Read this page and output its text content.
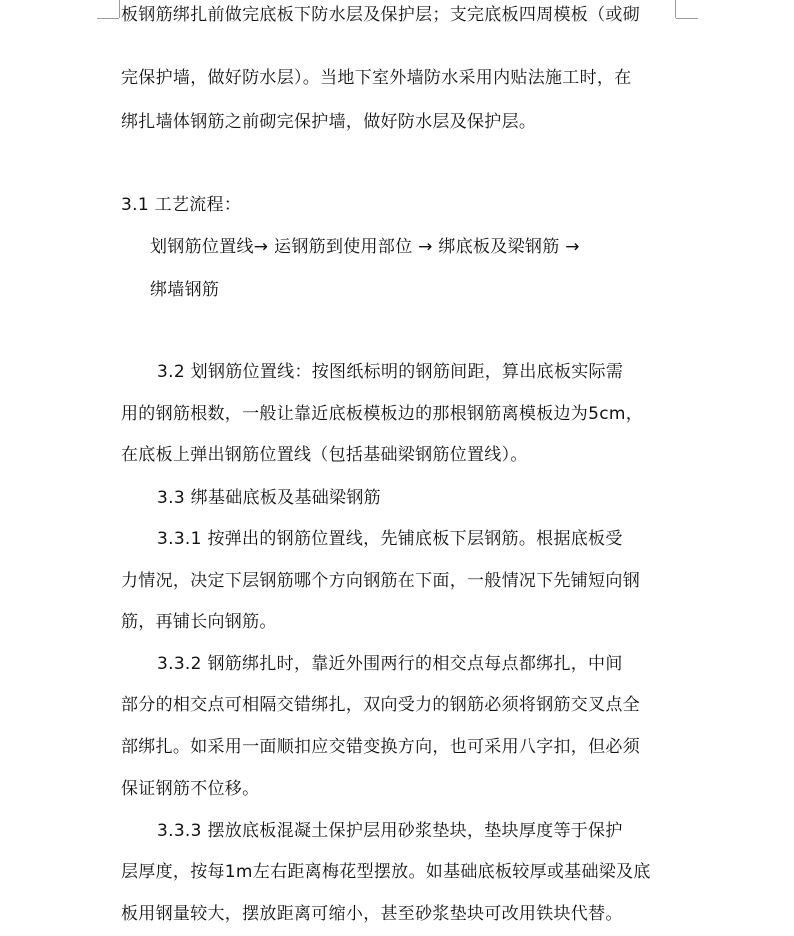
板钢筋绑扎前做完底板下防水层及保护层；支完底板四周模板（或砌
完保护墙，做好防水层）。当地下室外墙防水采用内贴法施工时，在
绑扎墙体钢筋之前砌完保护墙，做好防水层及保护层。
3.1 工艺流程：
划钢筋位置线→ 运钢筋到使用部位 → 绑底板及梁钢筋 →
绑墙钢筋
3.2 划钢筋位置线：按图纸标明的钢筋间距，算出底板实际需
用的钢筋根数，一般让靠近底板模板边的那根钢筋离模板边为5cm，
在底板上弹出钢筋位置线（包括基础梁钢筋位置线）。
3.3 绑基础底板及基础梁钢筋
3.3.1 按弹出的钢筋位置线，先铺底板下层钢筋。根据底板受
力情况，决定下层钢筋哪个方向钢筋在下面，一般情况下先铺短向钢
筋，再铺长向钢筋。
3.3.2 钢筋绑扎时，靠近外围两行的相交点每点都绑扎，中间
部分的相交点可相隔交错绑扎，双向受力的钢筋必须将钢筋交叉点全
部绑扎。如采用一面顺扣应交错变换方向，也可采用八字扣，但必须
保证钢筋不位移。
3.3.3 摆放底板混凝土保护层用砂浆垫块，垫块厚度等于保护
层厚度，按每1m左右距离梅花型摆放。如基础底板较厚或基础梁及底
板用钢量较大，摆放距离可缩小，甚至砂浆垫块可改用铁块代替。
